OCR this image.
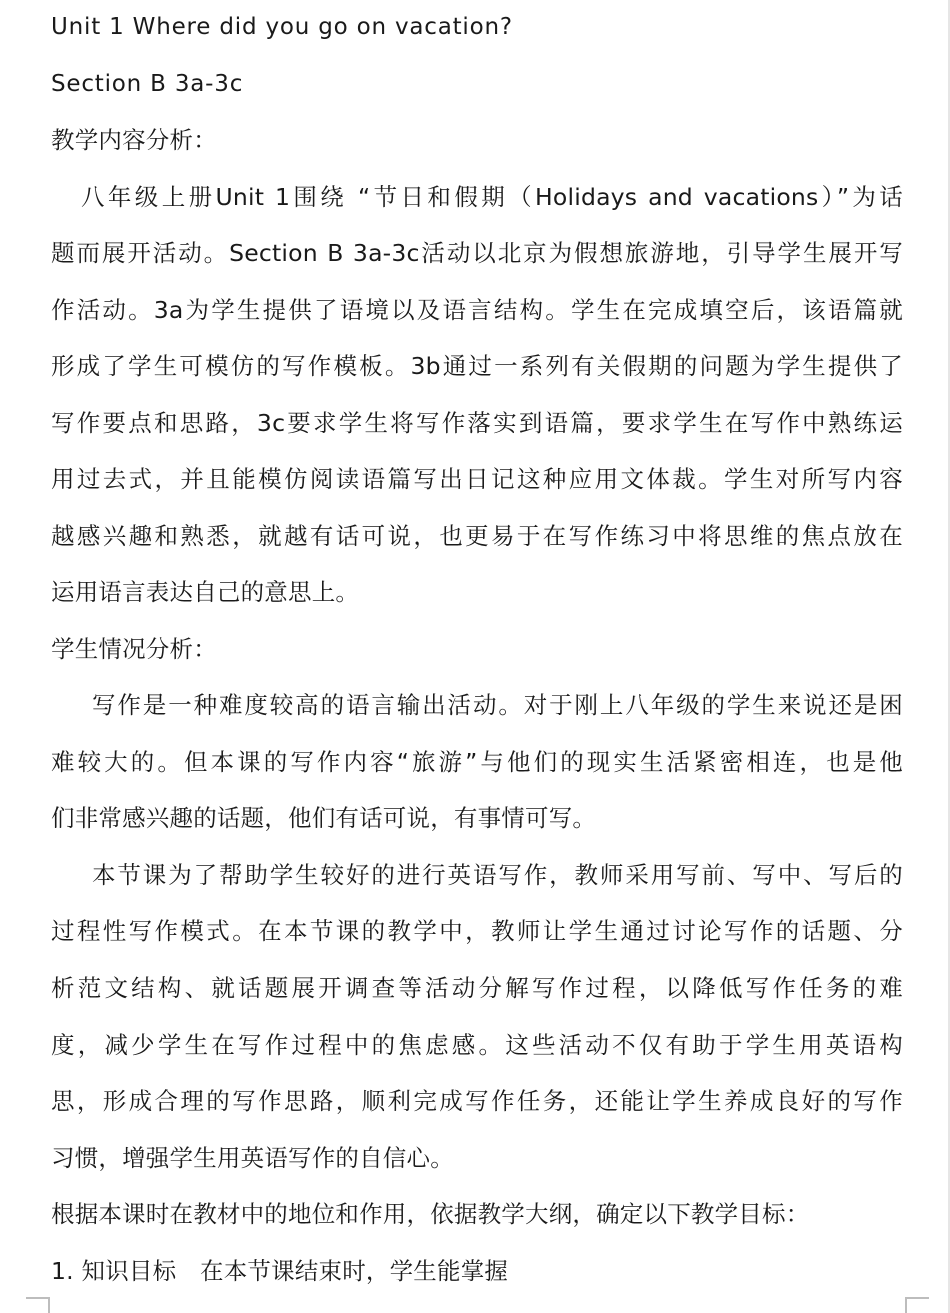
Unit 1 Where did you go on vacation?
Section B 3a-3c
教学内容分析：
八年级上册Unit 1围绕 “节日和假期（Holidays and vacations）”为话
题而展开活动。Section B 3a-3c活动以北京为假想旅游地，引导学生展开写
作活动。3a为学生提供了语境以及语言结构。学生在完成填空后，该语篇就
形成了学生可模仿的写作模板。3b通过一系列有关假期的问题为学生提供了
写作要点和思路，3c要求学生将写作落实到语篇，要求学生在写作中熟练运
用过去式，并且能模仿阅读语篇写出日记这种应用文体裁。学生对所写内容
越感兴趣和熟悉，就越有话可说，也更易于在写作练习中将思维的焦点放在
运用语言表达自己的意思上。
学生情况分析：
写作是一种难度较高的语言输出活动。对于刚上八年级的学生来说还是困
难较大的。但本课的写作内容“旅游”与他们的现实生活紧密相连，也是他
们非常感兴趣的话题，他们有话可说，有事情可写。
本节课为了帮助学生较好的进行英语写作，教师采用写前、写中、写后的
过程性写作模式。在本节课的教学中，教师让学生通过讨论写作的话题、分
析范文结构、就话题展开调查等活动分解写作过程，以降低写作任务的难
度，减少学生在写作过程中的焦虑感。这些活动不仅有助于学生用英语构
思，形成合理的写作思路，顺利完成写作任务，还能让学生养成良好的写作
习惯，增强学生用英语写作的自信心。
根据本课时在教材中的地位和作用，依据教学大纲，确定以下教学目标：
1. 知识目标　在本节课结束时，学生能掌握
